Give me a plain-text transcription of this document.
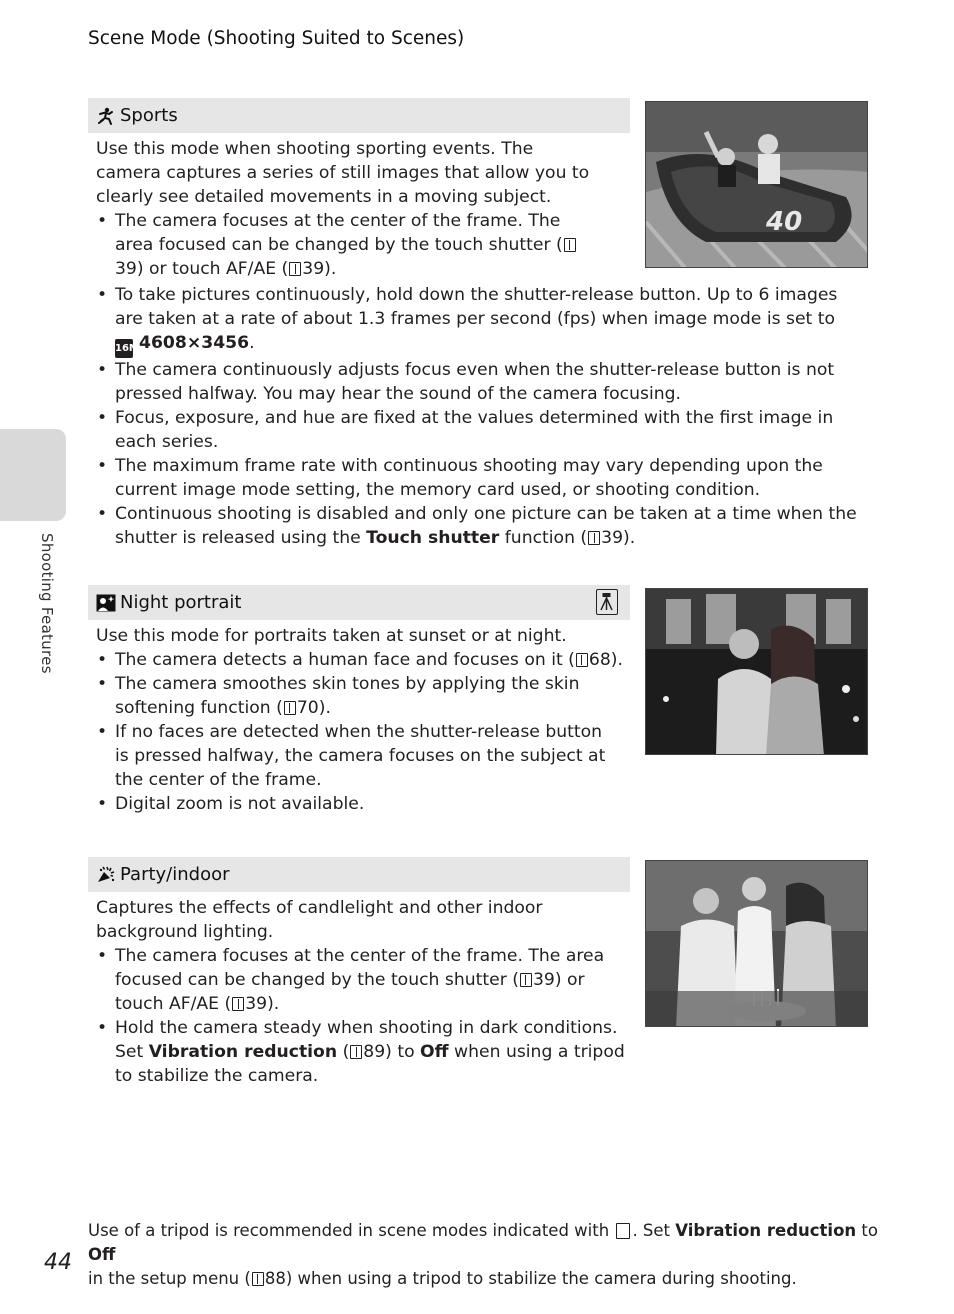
Scene Mode (Shooting Suited to Scenes)
Shooting Features
Sports
40

Use this mode when shooting sporting events. The camera captures a series of still images that allow you to clearly see detailed movements in a moving subject.

• The camera focuses at the center of the frame. The area focused can be changed by the touch shutter (39) or touch AF/AE ( 39).
• To take pictures continuously, hold down the shutter-release button. Up to 6 images are taken at a rate of about 1.3 frames per second (fps) when image mode is set to
16M4608×3456.
• The camera continuously adjusts focus even when the shutter-release button is not pressed halfway. You may hear the sound of the camera focusing.
• Focus, exposure, and hue are fixed at the values determined with the first image in each series.
• The maximum frame rate with continuous shooting may vary depending upon the current image mode setting, the memory card used, or shooting condition.
• Continuous shooting is disabled and only one picture can be taken at a time when the shutter is released using the Touch shutter function ( 39).
Night portrait

Use this mode for portraits taken at sunset or at night.

• The camera detects a human face and focuses on it ( 68).
• The camera smoothes skin tones by applying the skin softening function ( 70).
• If no faces are detected when the shutter-release button is pressed halfway, the camera focuses on the subject at the center of the frame.
• Digital zoom is not available.
Party/indoor

Captures the effects of candlelight and other indoor background lighting.

• The camera focuses at the center of the frame. The area focused can be changed by the touch shutter ( 39) or touch AF/AE ( 39).
• Hold the camera steady when shooting in dark conditions. Set Vibration reduction ( 89) to Off when using a tripod to stabilize the camera.
Use of a tripod is recommended in scene modes indicated with . Set Vibration reduction to Off
in the setup menu ( 88) when using a tripod to stabilize the camera during shooting.
44
